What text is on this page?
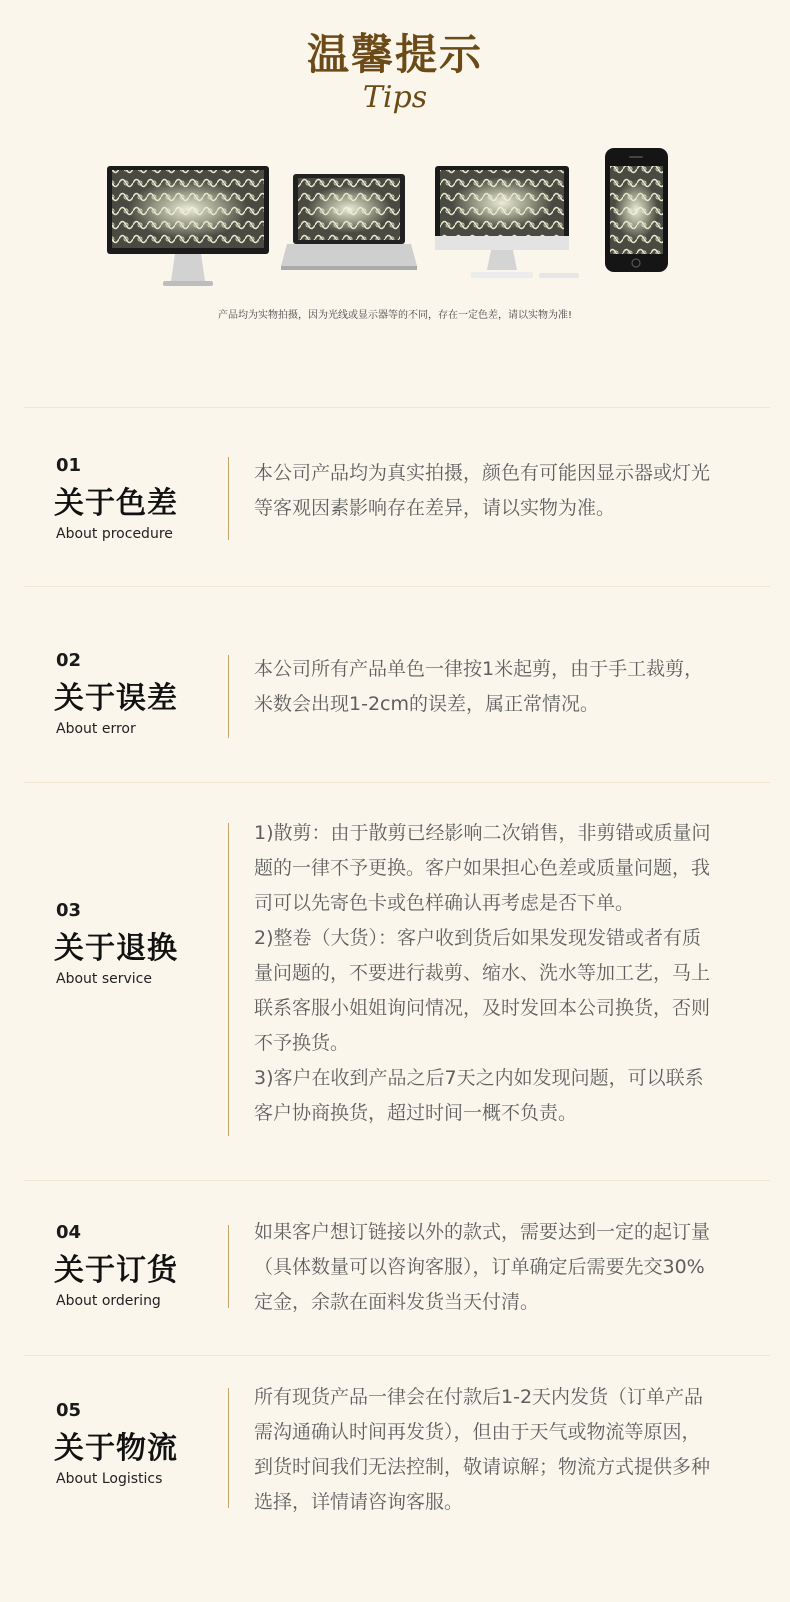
温馨提示
Tips
产品均为实物拍摄，因为光线或显示器等的不同，存在一定色差，请以实物为准!
01
关于色差
About procedure

本公司产品均为真实拍摄，颜色有可能因显示器或灯光

等客观因素影响存在差异，请以实物为准。

02
关于误差
About error

本公司所有产品单色一律按1米起剪，由于手工裁剪，

米数会出现1-2cm的误差，属正常情况。

03
关于退换
About service

1)散剪：由于散剪已经影响二次销售，非剪错或质量问

题的一律不予更换。客户如果担心色差或质量问题，我

司可以先寄色卡或色样确认再考虑是否下单。

2)整卷（大货）：客户收到货后如果发现发错或者有质

量问题的，不要进行裁剪、缩水、洗水等加工艺，马上

联系客服小姐姐询问情况，及时发回本公司换货，否则

不予换货。

3)客户在收到产品之后7天之内如发现问题，可以联系

客户协商换货，超过时间一概不负责。

04
关于订货
About ordering

如果客户想订链接以外的款式，需要达到一定的起订量

（具体数量可以咨询客服），订单确定后需要先交30%

定金，余款在面料发货当天付清。

05
关于物流
About Logistics

所有现货产品一律会在付款后1-2天内发货（订单产品

需沟通确认时间再发货），但由于天气或物流等原因，

到货时间我们无法控制，敬请谅解；物流方式提供多种

选择，详情请咨询客服。
